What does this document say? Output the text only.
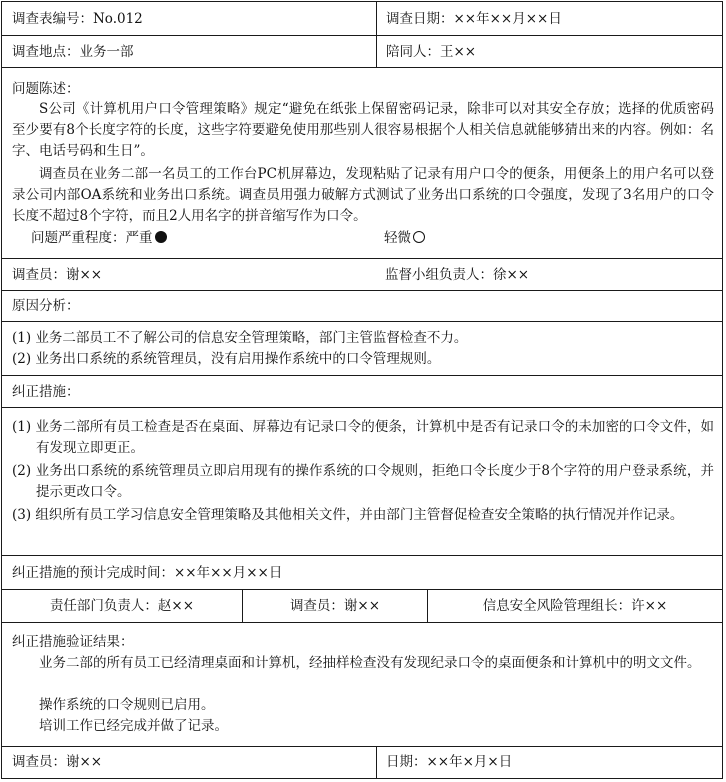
调查表编号：No.012	调查日期：××年××月××日
调查地点：业务一部	陪同人：王××
问题陈述：
S公司《计算机用户口令管理策略》规定“避免在纸张上保留密码记录，除非可以对其安全存放；选择的优质密码至少要有8个长度字符的长度，这些字符要避免使用那些别人很容易根据个人相关信息就能够猜出来的内容。例如：名字、电话号码和生日”。
调查员在业务二部一名员工的工作台PC机屏幕边，发现粘贴了记录有用户口令的便条，用便条上的用户名可以登录公司内部OA系统和业务出口系统。调查员用强力破解方式测试了业务出口系统的口令强度，发现了3名用户的口令长度不超过8个字符，而且2人用名字的拼音缩写作为口令。
问题严重程度：严重	轻微
调查员：谢××	监督小组负责人：徐××
原因分析：
(1) 业务二部员工不了解公司的信息安全管理策略，部门主管监督检查不力。
(2) 业务出口系统的系统管理员，没有启用操作系统中的口令管理规则。
纠正措施：
(1) 业务二部所有员工检查是否在桌面、屏幕边有记录口令的便条，计算机中是否有记录口令的未加密的口令文件，如有发现立即更正。
(2) 业务出口系统的系统管理员立即启用现有的操作系统的口令规则，拒绝口令长度少于8个字符的用户登录系统，并提示更改口令。
(3) 组织所有员工学习信息安全管理策略及其他相关文件，并由部门主管督促检查安全策略的执行情况并作记录。
纠正措施的预计完成时间：××年××月××日
责任部门负责人：赵××	调查员：谢××	信息安全风险管理组长：许××
纠正措施验证结果：
业务二部的所有员工已经清理桌面和计算机，经抽样检查没有发现纪录口令的桌面便条和计算机中的明文文件。
操作系统的口令规则已启用。
培训工作已经完成并做了记录。
调查员：谢××	日期：××年×月×日
